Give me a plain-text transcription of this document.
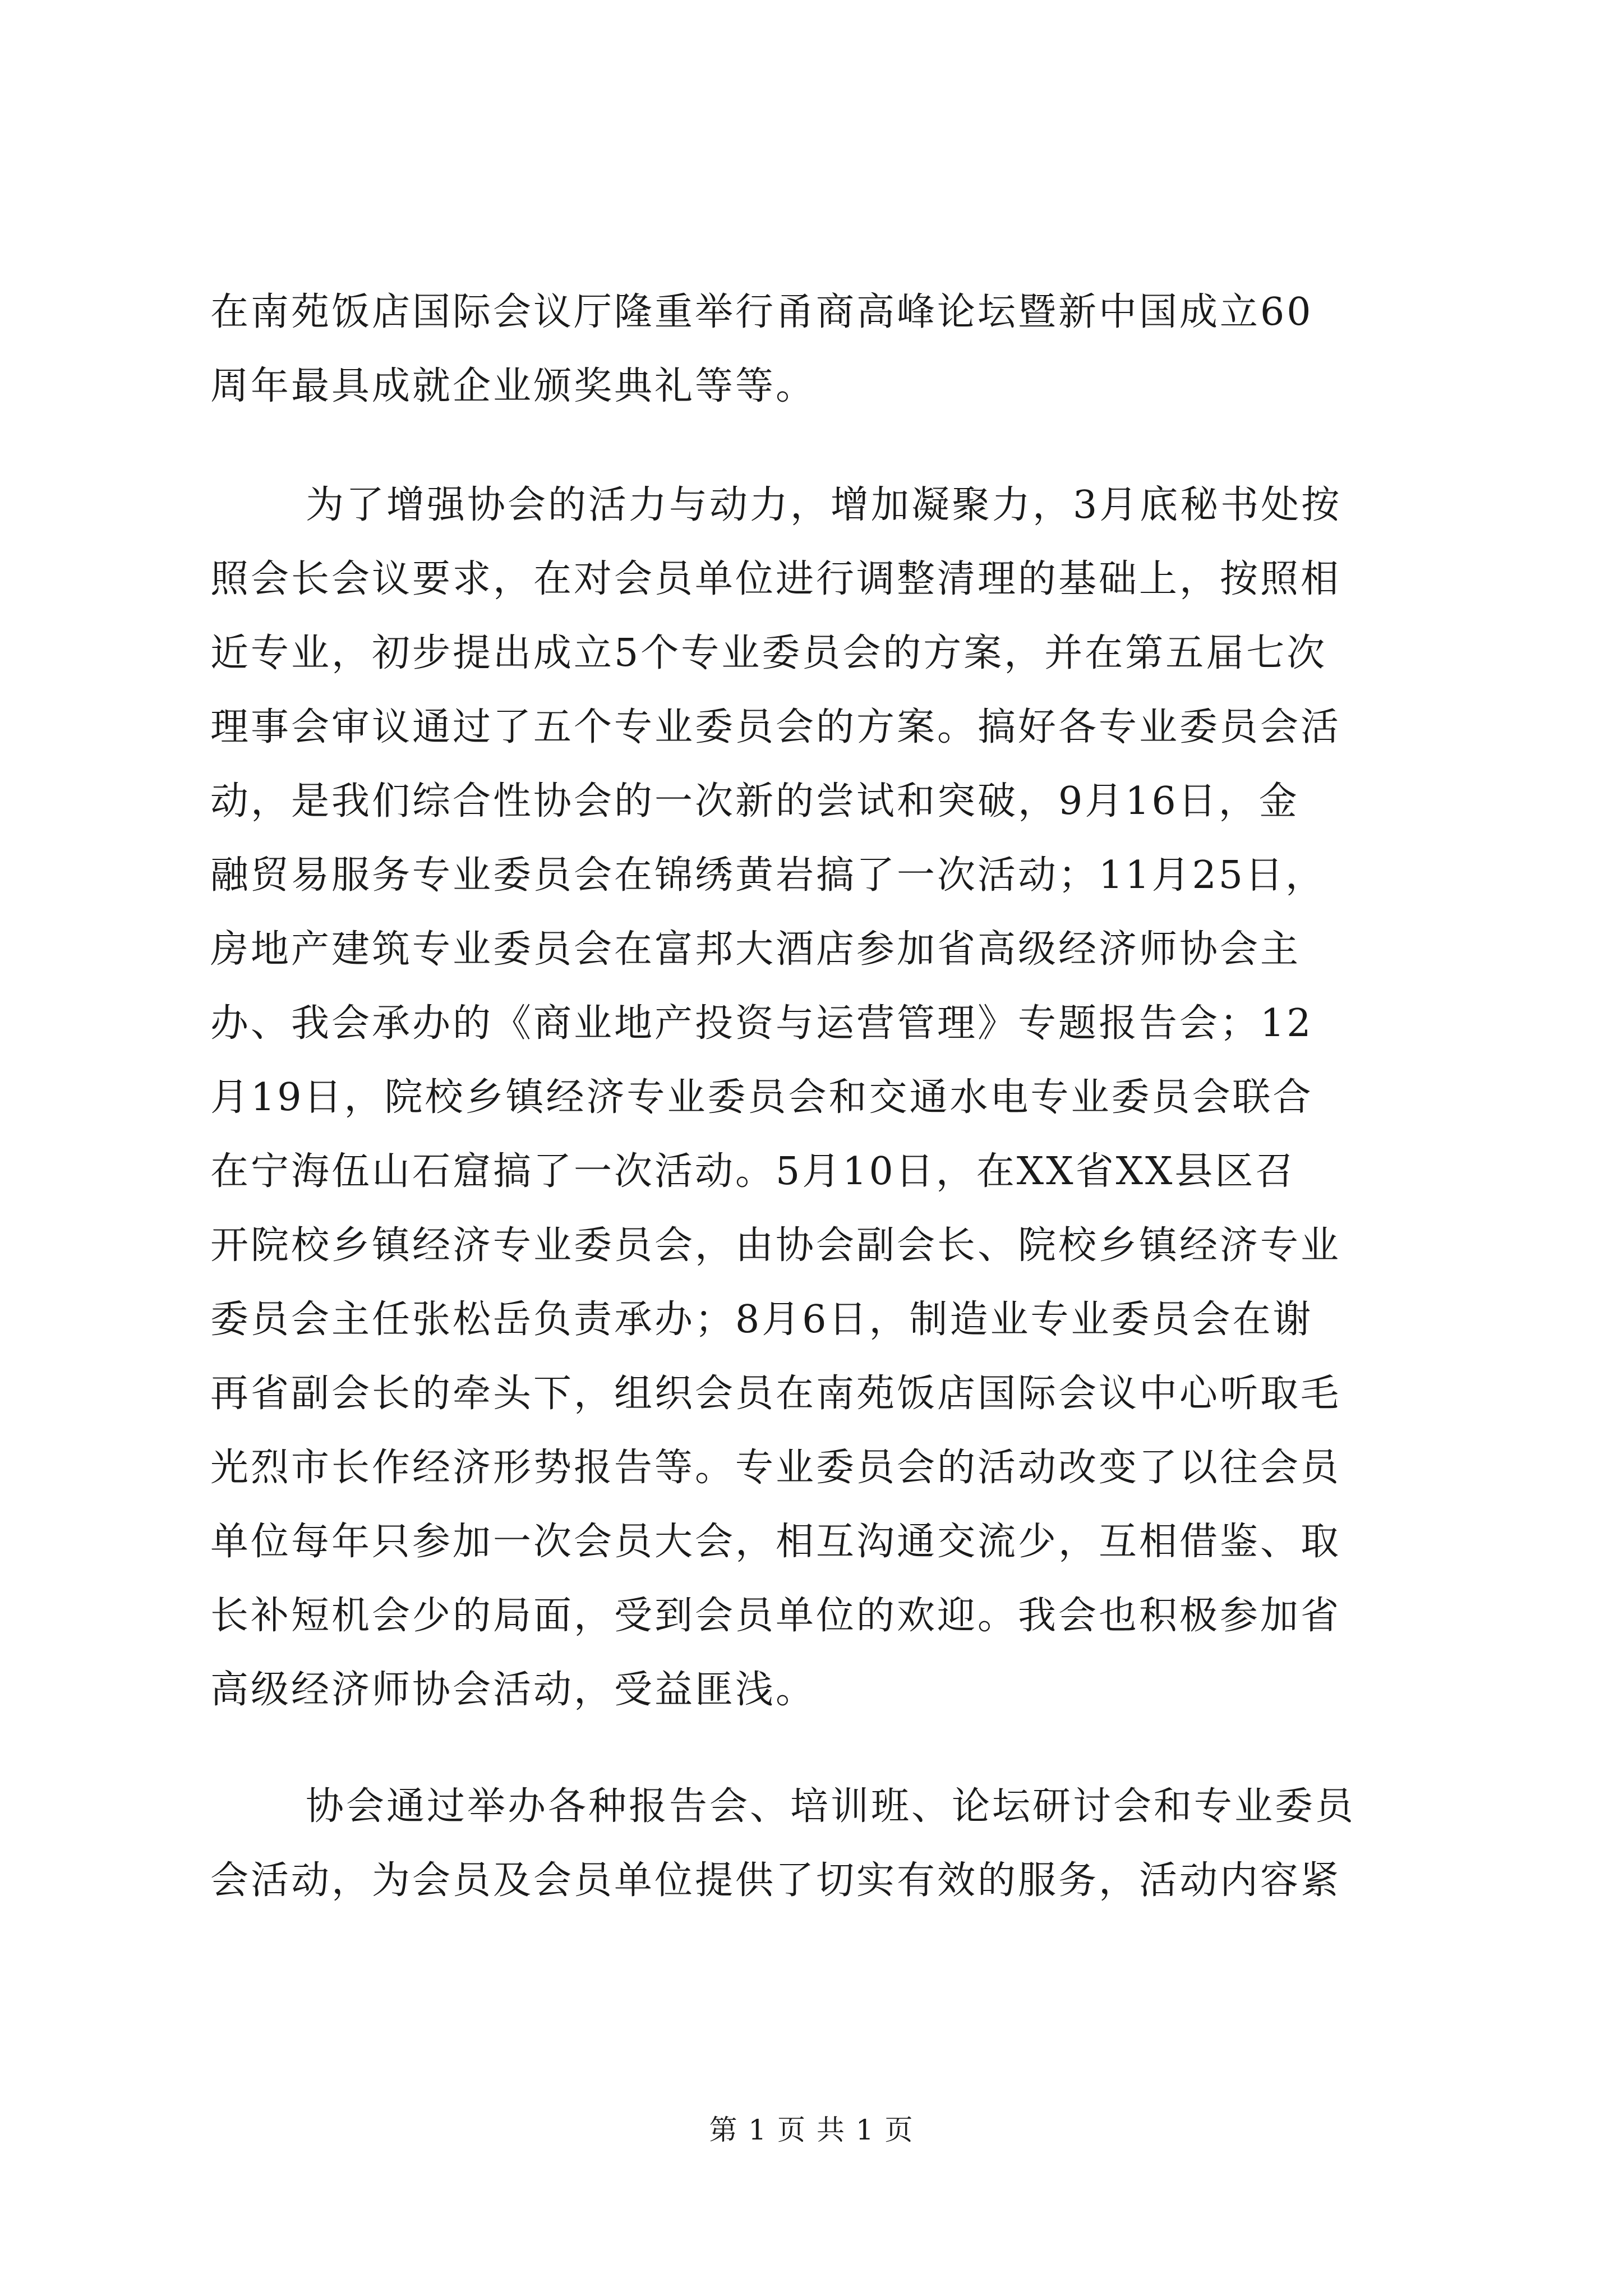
在南苑饭店国际会议厅隆重举行甬商高峰论坛暨新中国成立60
周年最具成就企业颁奖典礼等等。
为了增强协会的活力与动力，增加凝聚力，3月底秘书处按
照会长会议要求，在对会员单位进行调整清理的基础上，按照相
近专业，初步提出成立5个专业委员会的方案，并在第五届七次
理事会审议通过了五个专业委员会的方案。搞好各专业委员会活
动，是我们综合性协会的一次新的尝试和突破，9月16日，金
融贸易服务专业委员会在锦绣黄岩搞了一次活动；11月25日，
房地产建筑专业委员会在富邦大酒店参加省高级经济师协会主
办、我会承办的《商业地产投资与运营管理》专题报告会；12
月19日，院校乡镇经济专业委员会和交通水电专业委员会联合
在宁海伍山石窟搞了一次活动。5月10日，在XX省XX县区召
开院校乡镇经济专业委员会，由协会副会长、院校乡镇经济专业
委员会主任张松岳负责承办；8月6日，制造业专业委员会在谢
再省副会长的牵头下，组织会员在南苑饭店国际会议中心听取毛
光烈市长作经济形势报告等。专业委员会的活动改变了以往会员
单位每年只参加一次会员大会，相互沟通交流少，互相借鉴、取
长补短机会少的局面，受到会员单位的欢迎。我会也积极参加省
高级经济师协会活动，受益匪浅。
协会通过举办各种报告会、培训班、论坛研讨会和专业委员
会活动，为会员及会员单位提供了切实有效的服务，活动内容紧
第 1 页 共 1 页
